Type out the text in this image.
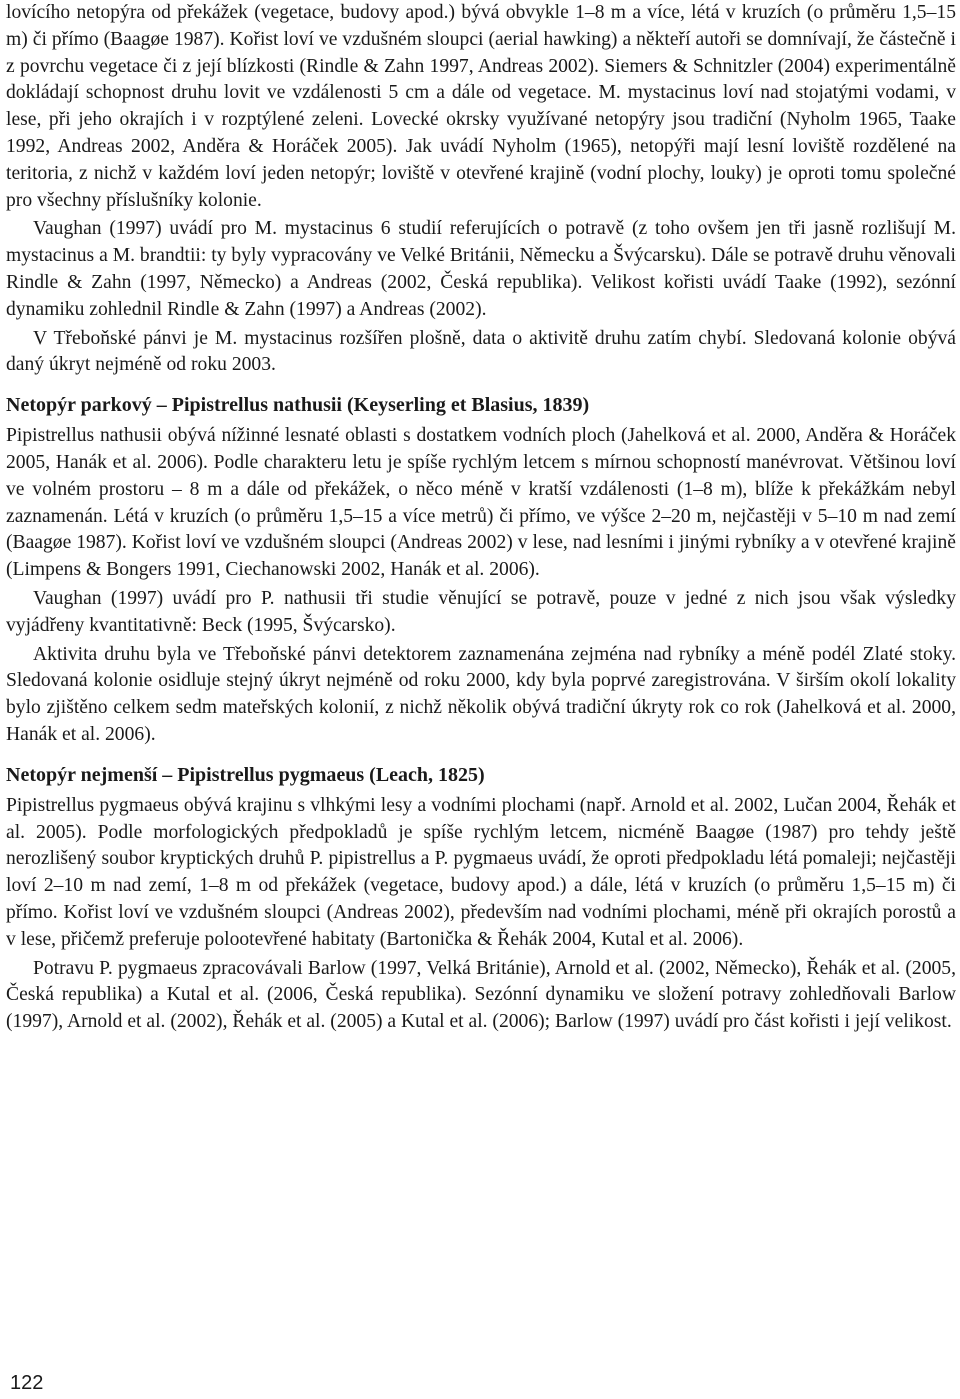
lovícího netopýra od překážek (vegetace, budovy apod.) bývá obvykle 1–8 m a více, létá v kruzích (o průměru 1,5–15 m) či přímo (Baagøe 1987). Kořist loví ve vzdušném sloupci (aerial hawking) a někteří autoři se domnívají, že částečně i z povrchu vegetace či z její blízkosti (Rindle & Zahn 1997, Andreas 2002). Siemers & Schnitzler (2004) experimentálně dokládají schopnost druhu lovit ve vzdálenosti 5 cm a dále od vegetace. M. mystacinus loví nad stojatými vodami, v lese, při jeho okrajích i v rozptýlené zeleni. Lovecké okrsky využívané netopýry jsou tradiční (Nyholm 1965, Taake 1992, Andreas 2002, Anděra & Horáček 2005). Jak uvádí Nyholm (1965), netopýři mají lesní loviště rozdělené na teritoria, z nichž v každém loví jeden netopýr; loviště v otevřené krajině (vodní plochy, louky) je oproti tomu společné pro všechny příslušníky kolonie.

Vaughan (1997) uvádí pro M. mystacinus 6 studií referujících o potravě (z toho ovšem jen tři jasně rozlišují M. mystacinus a M. brandtii: ty byly vypracovány ve Velké Británii, Německu a Švýcarsku). Dále se potravě druhu věnovali Rindle & Zahn (1997, Německo) a Andreas (2002, Česká republika). Velikost kořisti uvádí Taake (1992), sezónní dynamiku zohlednil Rindle & Zahn (1997) a Andreas (2002).

V Třeboňské pánvi je M. mystacinus rozšířen plošně, data o aktivitě druhu zatím chybí. Sledovaná kolonie obývá daný úkryt nejméně od roku 2003.

Netopýr parkový – Pipistrellus nathusii (Keyserling et Blasius, 1839)

Pipistrellus nathusii obývá nížinné lesnaté oblasti s dostatkem vodních ploch (Jahelková et al. 2000, Anděra & Horáček 2005, Hanák et al. 2006). Podle charakteru letu je spíše rychlým letcem s mírnou schopností manévrovat. Většinou loví ve volném prostoru – 8 m a dále od překážek, o něco méně v kratší vzdálenosti (1–8 m), blíže k překážkám nebyl zaznamenán. Létá v kruzích (o průměru 1,5–15 a více metrů) či přímo, ve výšce 2–20 m, nejčastěji v 5–10 m nad zemí (Baagøe 1987). Kořist loví ve vzdušném sloupci (Andreas 2002) v lese, nad lesními i jinými rybníky a v otevřené krajině (Limpens & Bongers 1991, Ciechanowski 2002, Hanák et al. 2006).

Vaughan (1997) uvádí pro P. nathusii tři studie věnující se potravě, pouze v jedné z nich jsou však výsledky vyjádřeny kvantitativně: Beck (1995, Švýcarsko).

Aktivita druhu byla ve Třeboňské pánvi detektorem zaznamenána zejména nad rybníky a méně podél Zlaté stoky. Sledovaná kolonie osidluje stejný úkryt nejméně od roku 2000, kdy byla poprvé zaregistrována. V širším okolí lokality bylo zjištěno celkem sedm mateřských kolonií, z nichž několik obývá tradiční úkryty rok co rok (Jahelková et al. 2000, Hanák et al. 2006).

Netopýr nejmenší – Pipistrellus pygmaeus (Leach, 1825)

Pipistrellus pygmaeus obývá krajinu s vlhkými lesy a vodními plochami (např. Arnold et al. 2002, Lučan 2004, Řehák et al. 2005). Podle morfologických předpokladů je spíše rychlým letcem, nicméně Baagøe (1987) pro tehdy ještě nerozlišený soubor kryptických druhů P. pipistrellus a P. pygmaeus uvádí, že oproti předpokladu létá pomaleji; nejčastěji loví 2–10 m nad zemí, 1–8 m od překážek (vegetace, budovy apod.) a dále, létá v kruzích (o průměru 1,5–15 m) či přímo. Kořist loví ve vzdušném sloupci (Andreas 2002), především nad vodními plochami, méně při okrajích porostů a v lese, přičemž preferuje polootevřené habitaty (Bartonička & Řehák 2004, Kutal et al. 2006).

Potravu P. pygmaeus zpracovávali Barlow (1997, Velká Británie), Arnold et al. (2002, Německo), Řehák et al. (2005, Česká republika) a Kutal et al. (2006, Česká republika). Sezónní dynamiku ve složení potravy zohledňovali Barlow (1997), Arnold et al. (2002), Řehák et al. (2005) a Kutal et al. (2006); Barlow (1997) uvádí pro část kořisti i její velikost.

122
